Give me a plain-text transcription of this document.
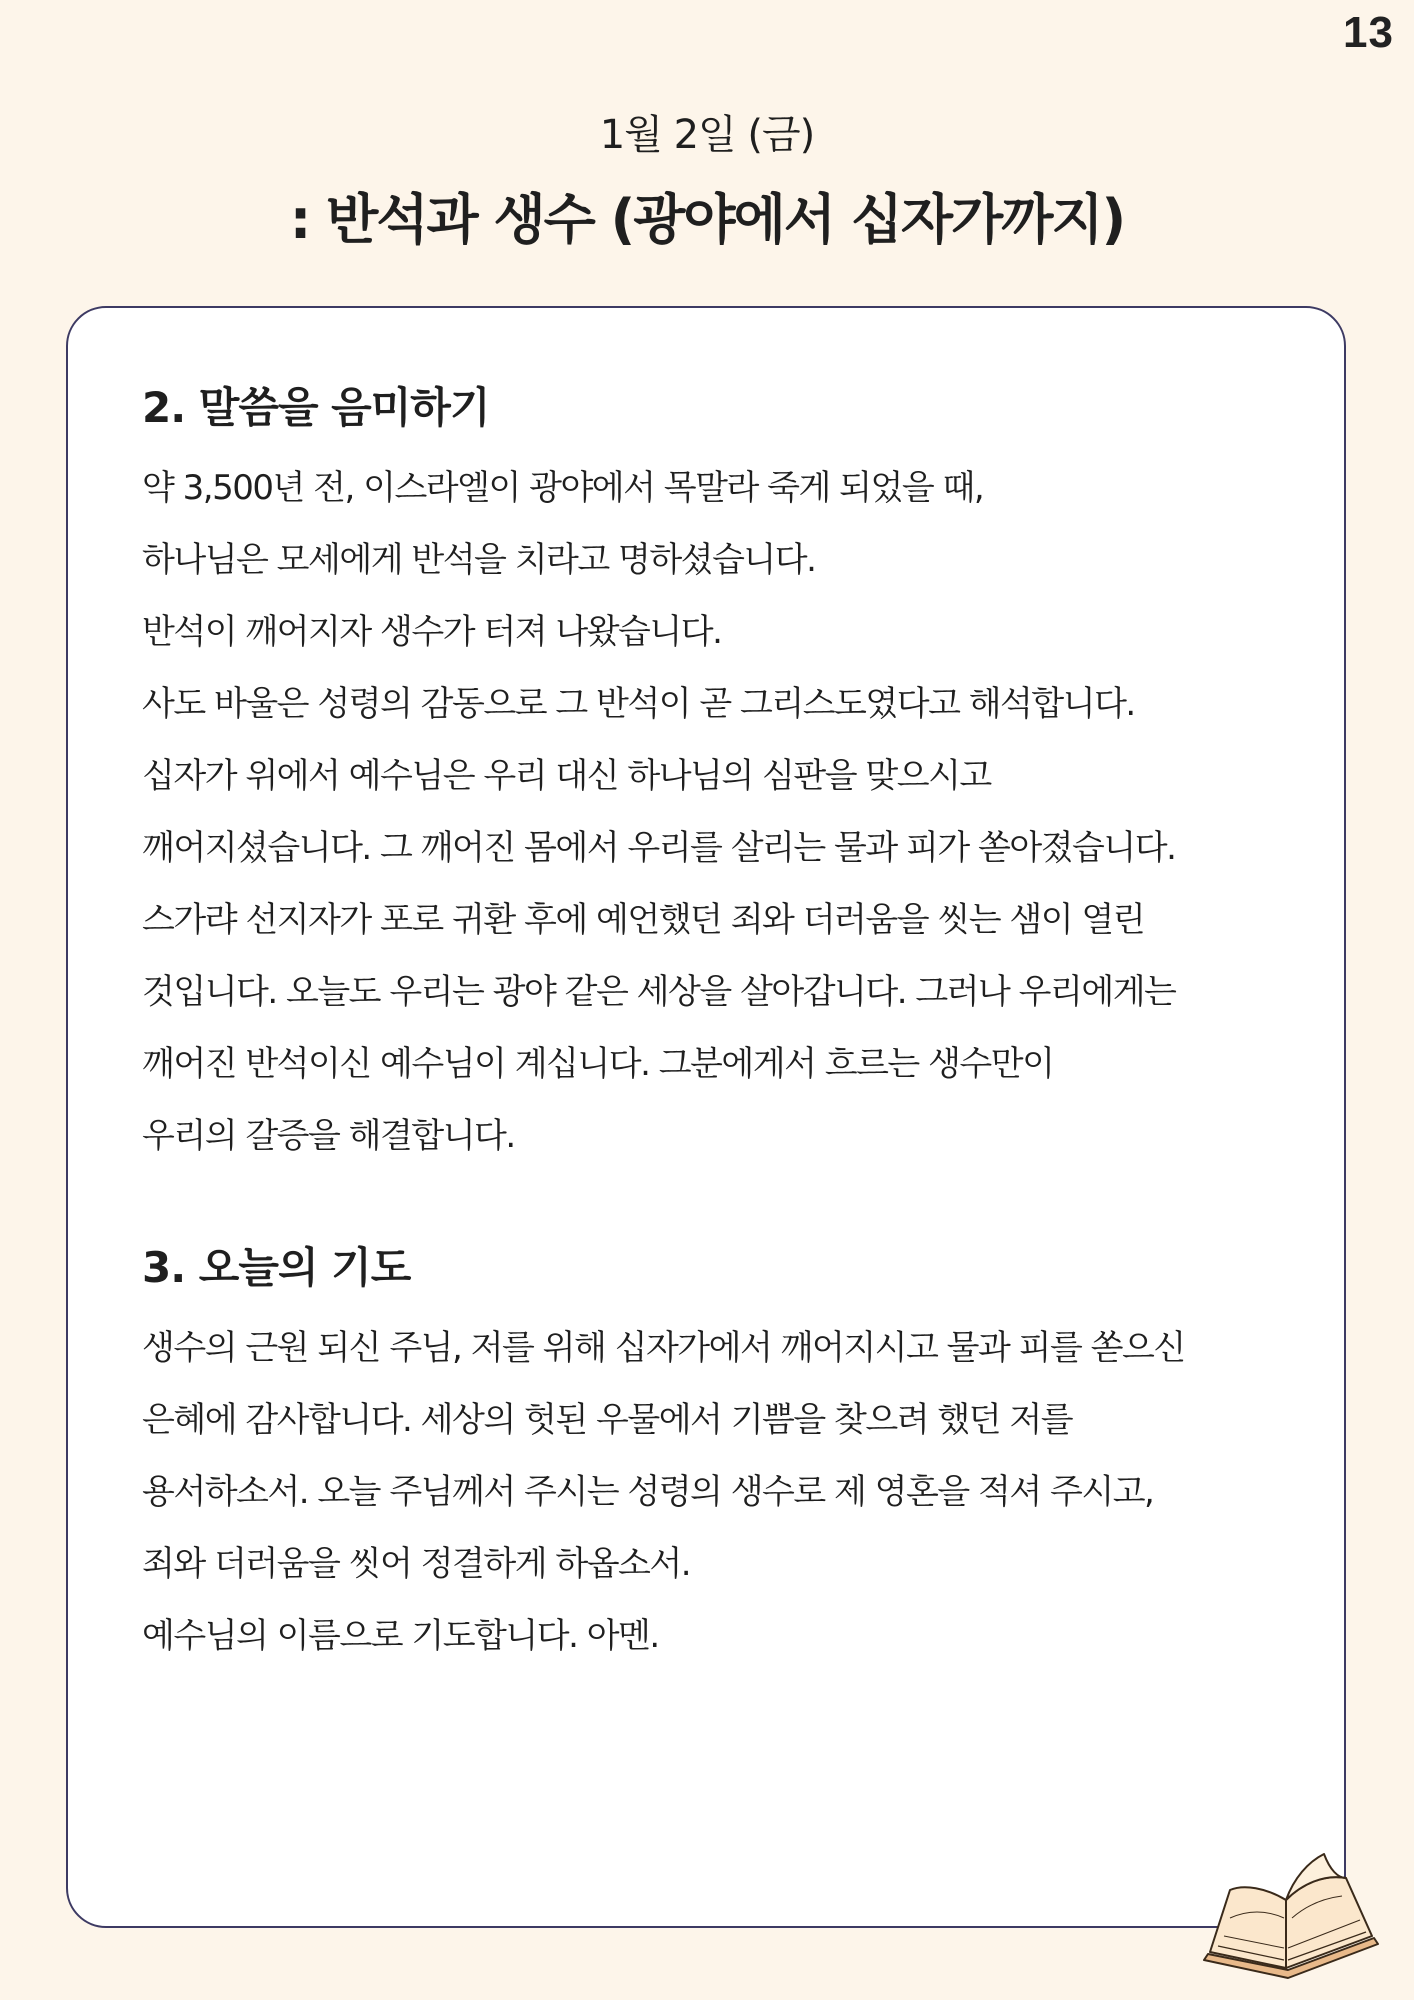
13
1월 2일 (금)
: 반석과 생수 (광야에서 십자가까지)
2. 말씀을 음미하기
약 3,500년 전, 이스라엘이 광야에서 목말라 죽게 되었을 때,
하나님은 모세에게 반석을 치라고 명하셨습니다.
반석이 깨어지자 생수가 터져 나왔습니다.
사도 바울은 성령의 감동으로 그 반석이 곧 그리스도였다고 해석합니다.
십자가 위에서 예수님은 우리 대신 하나님의 심판을 맞으시고
깨어지셨습니다. 그 깨어진 몸에서 우리를 살리는 물과 피가 쏟아졌습니다.
스가랴 선지자가 포로 귀환 후에 예언했던 죄와 더러움을 씻는 샘이 열린
것입니다. 오늘도 우리는 광야 같은 세상을 살아갑니다. 그러나 우리에게는
깨어진 반석이신 예수님이 계십니다. 그분에게서 흐르는 생수만이
우리의 갈증을 해결합니다.
3. 오늘의 기도
생수의 근원 되신 주님, 저를 위해 십자가에서 깨어지시고 물과 피를 쏟으신
은혜에 감사합니다. 세상의 헛된 우물에서 기쁨을 찾으려 했던 저를
용서하소서. 오늘 주님께서 주시는 성령의 생수로 제 영혼을 적셔 주시고,
죄와 더러움을 씻어 정결하게 하옵소서.
예수님의 이름으로 기도합니다. 아멘.
